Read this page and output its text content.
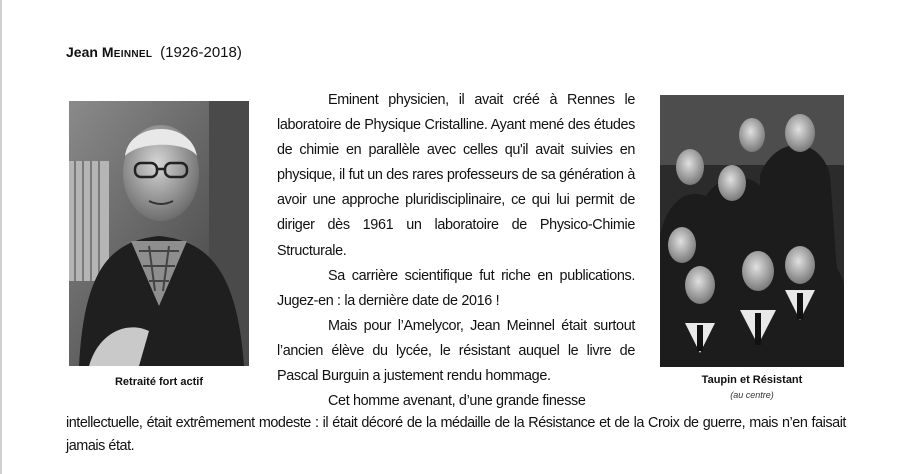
Jean Meinnel (1926-2018)
Retraité fort actif	Taupin et Résistant
(au centre)

Eminent physicien, il avait créé à Rennes le laboratoire de Physique Cristalline. Ayant mené des études de chimie en parallèle avec celles qu'il avait suivies en physique, il fut un des rares professeurs de sa génération à avoir une approche pluridisciplinaire, ce qui lui permit de diriger dès 1961 un laboratoire de Physico-Chimie Structurale.

Sa carrière scientifique fut riche en publications. Jugez-en : la dernière date de 2016 !

Mais pour l’Amelycor, Jean Meinnel était surtout l’ancien élève du lycée, le résistant auquel le livre de Pascal Burguin a justement rendu hommage.

Cet homme avenant, d’une grande finesse

intellectuelle, était extrêmement modeste : il était décoré de la médaille de la Résistance et de la Croix de guerre, mais n’en faisait jamais état.
